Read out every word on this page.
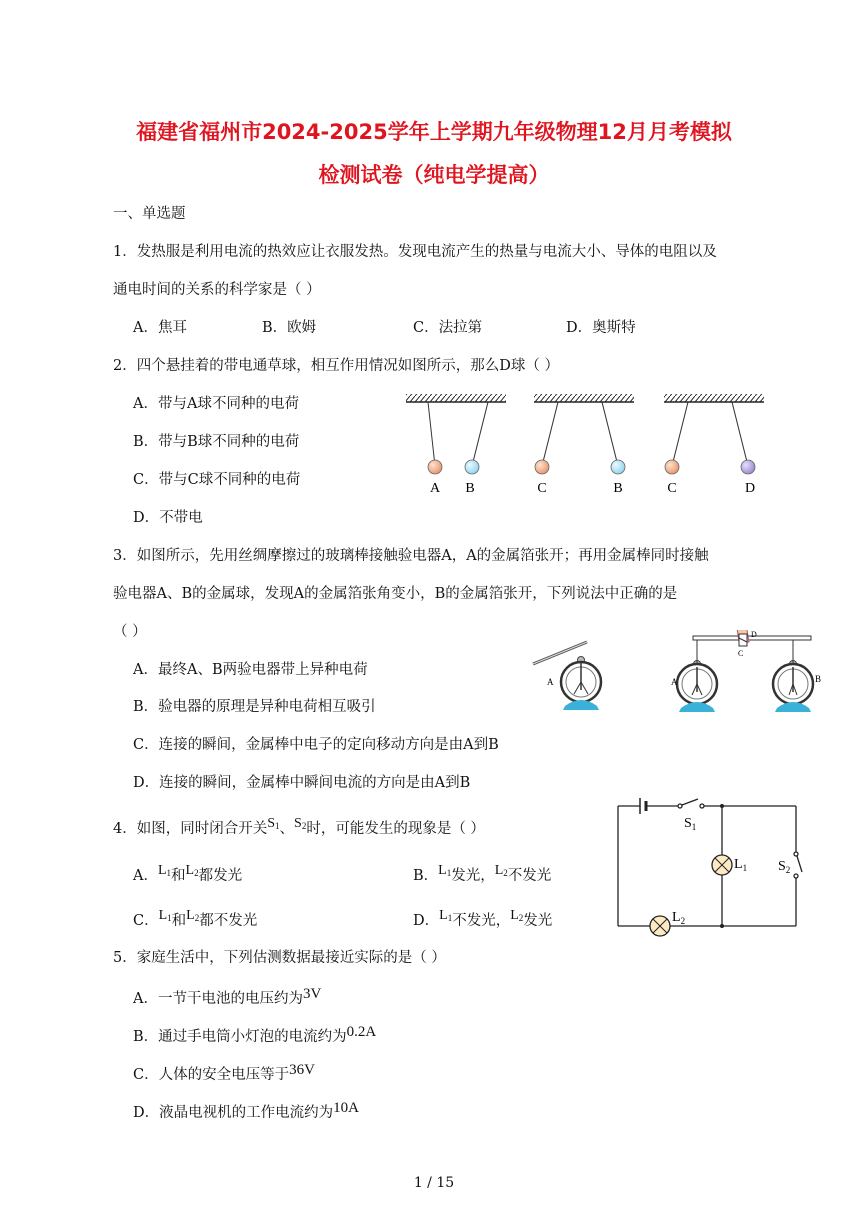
福建省福州市2024-2025学年上学期九年级物理12月月考模拟
检测试卷（纯电学提高）
一、单选题
1．发热服是利用电流的热效应让衣服发热。发现电流产生的热量与电流大小、导体的电阻以及
通电时间的关系的科学家是（ ）
A．焦耳	B．欧姆	C．法拉第	D．奥斯特
2．四个悬挂着的带电通草球，相互作用情况如图所示，那么D球（ ）
A．带与A球不同种的电荷
B．带与B球不同种的电荷
C．带与C球不同种的电荷
D．不带电
A B	C	B	C	D
3．如图所示，先用丝绸摩擦过的玻璃棒接触验电器A，A的金属箔张开；再用金属棒同时接触
验电器A、B的金属球，发现A的金属箔张角变小，B的金属箔张开，下列说法中正确的是
（ ）
A．最终A、B两验电器带上异种电荷
B．验电器的原理是异种电荷相互吸引
C．连接的瞬间，金属棒中电子的定向移动方向是由A到B
D．连接的瞬间，金属棒中瞬间电流的方向是由A到B
A	A	B
C
D
4．如图，同时闭合开关$S_1$、$S_2$时，可能发生的现象是（ ）
A．$L_1$和$L_2$都发光	B．$L_1$发光，$L_2$不发光
C．$L_1$和$L_2$都不发光	D．$L_1$不发光，$L_2$发光
$S_1$
$L_1$ $S_2$
$L_2$
5．家庭生活中，下列估测数据最接近实际的是（ ）
A．一节干电池的电压约为3V
B．通过手电筒小灯泡的电流约为0.2A
C．人体的安全电压等于36V
D．液晶电视机的工作电流约为10A
1 / 15
